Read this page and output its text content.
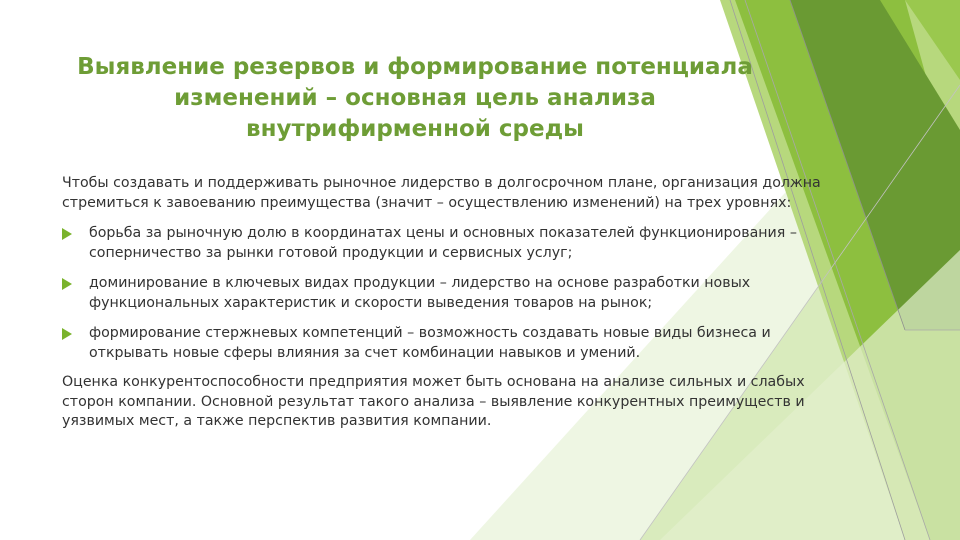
Выявление резервов и формирование потенциала изменений – основная цель анализа внутрифирменной среды

Чтобы создавать и поддерживать рыночное лидерство в долгосрочном плане, организация должна стремиться к завоеванию преимущества (значит – осуществлению изменений) на трех уровнях:

борьба за рыночную долю в координатах цены и основных показателей функционирования – соперничество за рынки готовой продукции и сервисных услуг;
доминирование в ключевых видах продукции – лидерство на основе разработки новых функциональных характеристик и скорости выведения товаров на рынок;
формирование стержневых компетенций – возможность создавать новые виды бизнеса и открывать новые сферы влияния за счет комбинации навыков и умений.

Оценка конкурентоспособности предприятия может быть основана на анализе сильных и слабых сторон компании. Основной результат такого анализа – выявление конкурентных преимуществ и уязвимых мест, а также перспектив развития компании.
